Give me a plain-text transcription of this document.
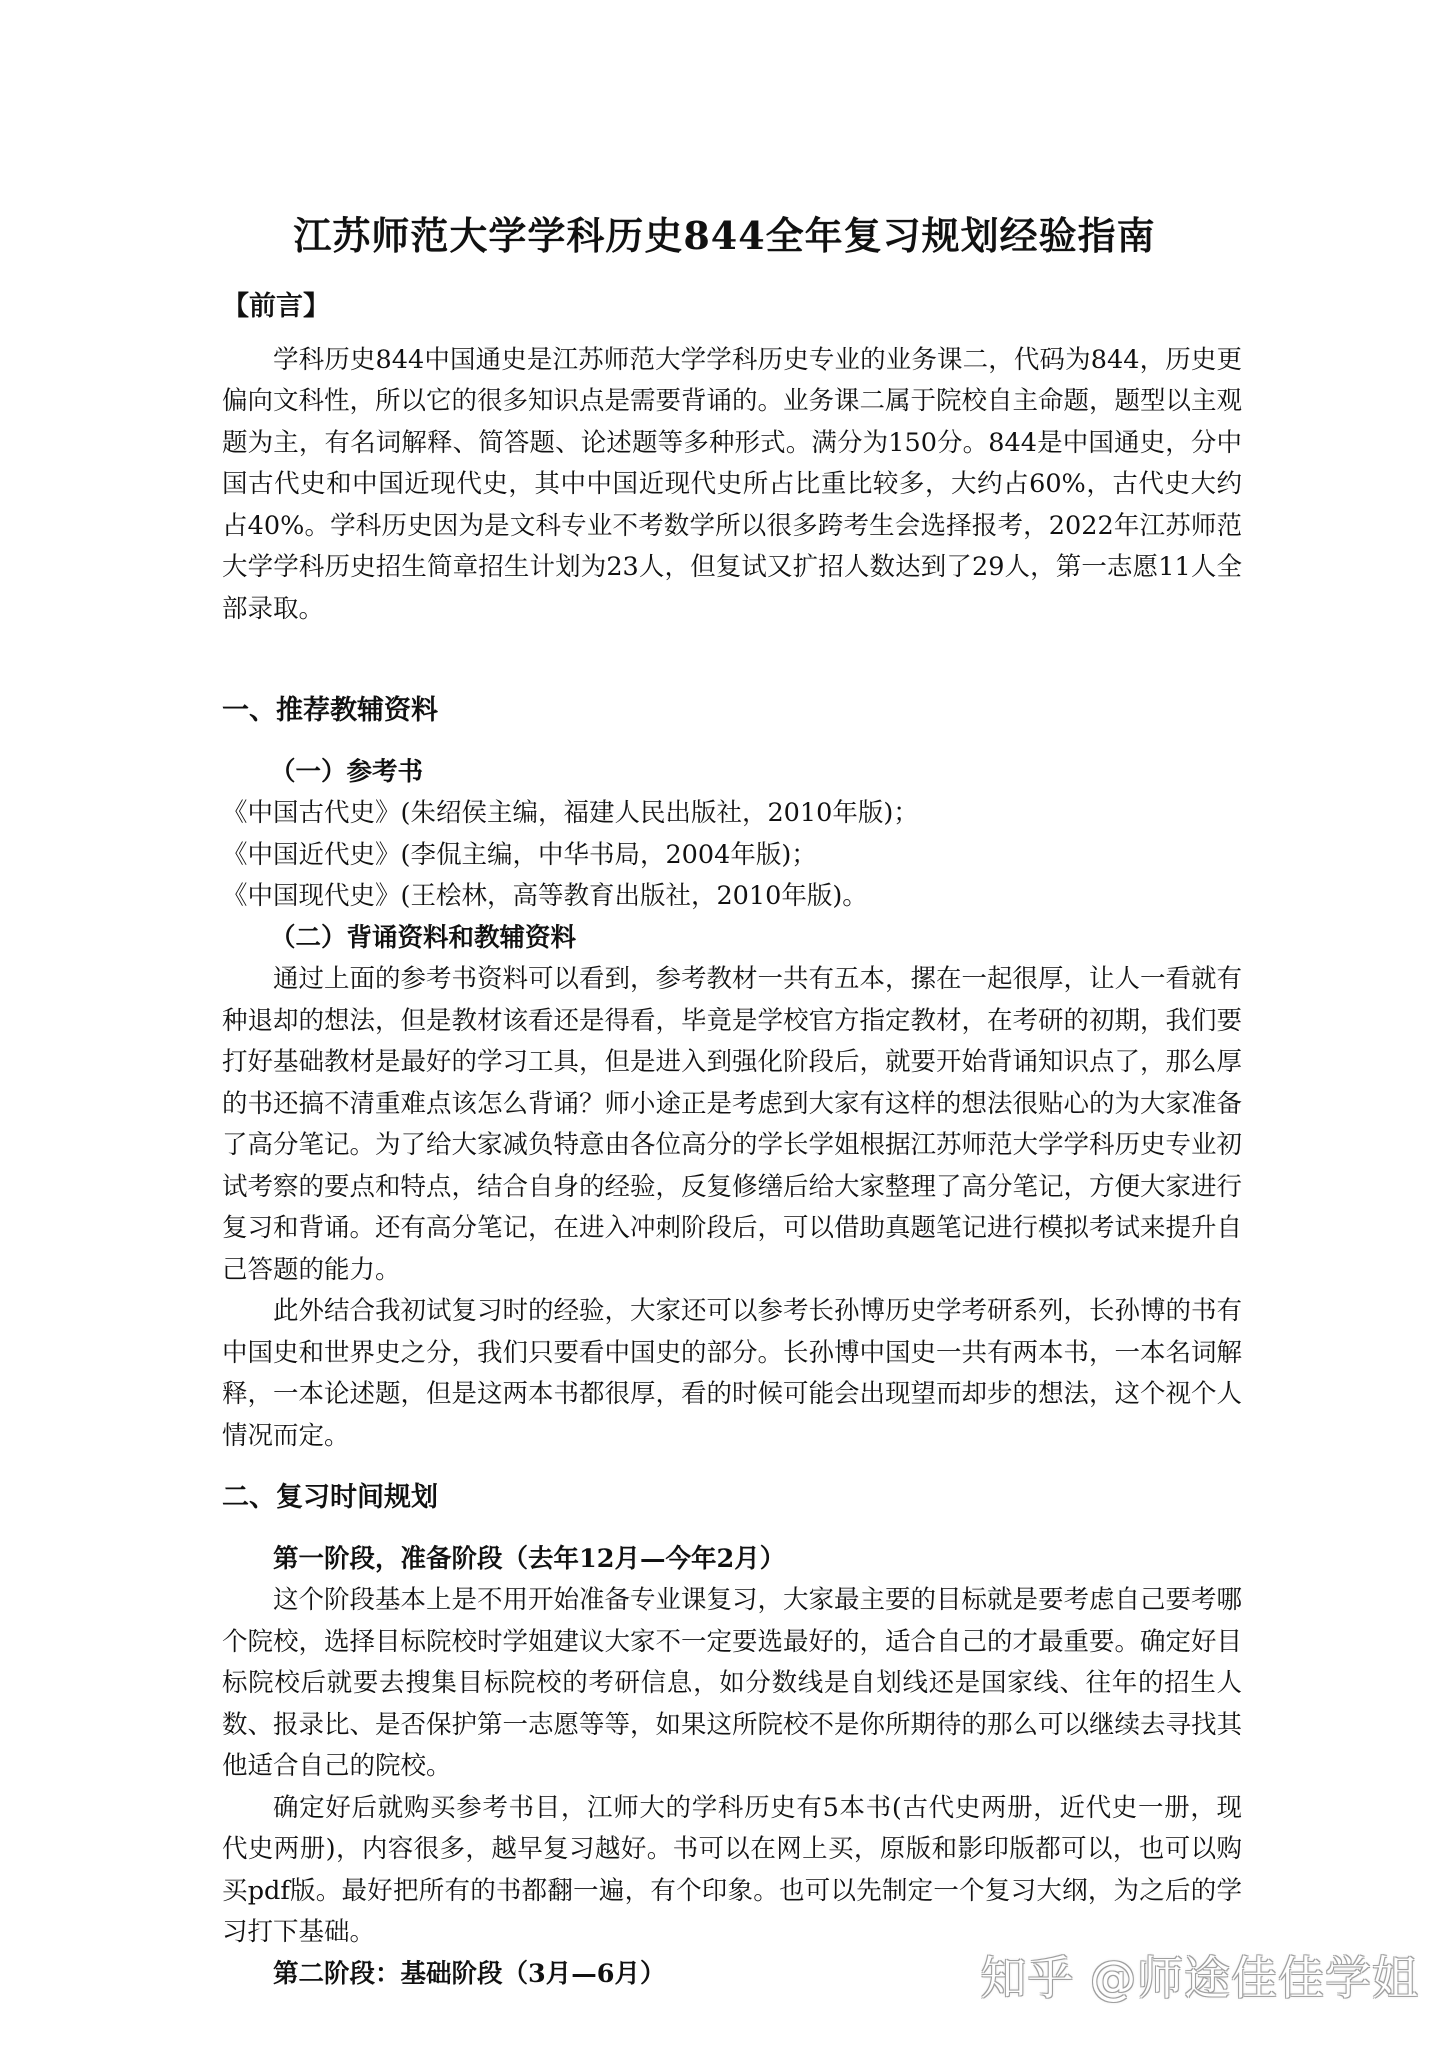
江苏师范大学学科历史844全年复习规划经验指南

【前言】

学科历史844中国通史是江苏师范大学学科历史专业的业务课二，代码为844，历史更偏向文科性，所以它的很多知识点是需要背诵的。业务课二属于院校自主命题，题型以主观题为主，有名词解释、简答题、论述题等多种形式。满分为150分。844是中国通史，分中国古代史和中国近现代史，其中中国近现代史所占比重比较多，大约占60%，古代史大约占40%。学科历史因为是文科专业不考数学所以很多跨考生会选择报考，2022年江苏师范大学学科历史招生简章招生计划为23人，但复试又扩招人数达到了29人，第一志愿11人全部录取。

一、推荐教辅资料

（一）参考书

《中国古代史》(朱绍侯主编，福建人民出版社，2010年版)；

《中国近代史》(李侃主编，中华书局，2004年版)；

《中国现代史》(王桧林，高等教育出版社，2010年版)。

（二）背诵资料和教辅资料

通过上面的参考书资料可以看到，参考教材一共有五本，摞在一起很厚，让人一看就有种退却的想法，但是教材该看还是得看，毕竟是学校官方指定教材，在考研的初期，我们要打好基础教材是最好的学习工具，但是进入到强化阶段后，就要开始背诵知识点了，那么厚的书还搞不清重难点该怎么背诵？师小途正是考虑到大家有这样的想法很贴心的为大家准备了高分笔记。为了给大家减负特意由各位高分的学长学姐根据江苏师范大学学科历史专业初试考察的要点和特点，结合自身的经验，反复修缮后给大家整理了高分笔记，方便大家进行复习和背诵。还有高分笔记，在进入冲刺阶段后，可以借助真题笔记进行模拟考试来提升自己答题的能力。

此外结合我初试复习时的经验，大家还可以参考长孙博历史学考研系列，长孙博的书有中国史和世界史之分，我们只要看中国史的部分。长孙博中国史一共有两本书，一本名词解释，一本论述题，但是这两本书都很厚，看的时候可能会出现望而却步的想法，这个视个人情况而定。

二、复习时间规划

第一阶段，准备阶段（去年12月—今年2月）

这个阶段基本上是不用开始准备专业课复习，大家最主要的目标就是要考虑自己要考哪个院校，选择目标院校时学姐建议大家不一定要选最好的，适合自己的才最重要。确定好目标院校后就要去搜集目标院校的考研信息，如分数线是自划线还是国家线、往年的招生人数、报录比、是否保护第一志愿等等，如果这所院校不是你所期待的那么可以继续去寻找其他适合自己的院校。

确定好后就购买参考书目，江师大的学科历史有5本书(古代史两册，近代史一册，现代史两册)，内容很多，越早复习越好。书可以在网上买，原版和影印版都可以，也可以购买pdf版。最好把所有的书都翻一遍，有个印象。也可以先制定一个复习大纲，为之后的学习打下基础。

第二阶段：基础阶段（3月—6月）	知乎 @师途佳佳学姐
